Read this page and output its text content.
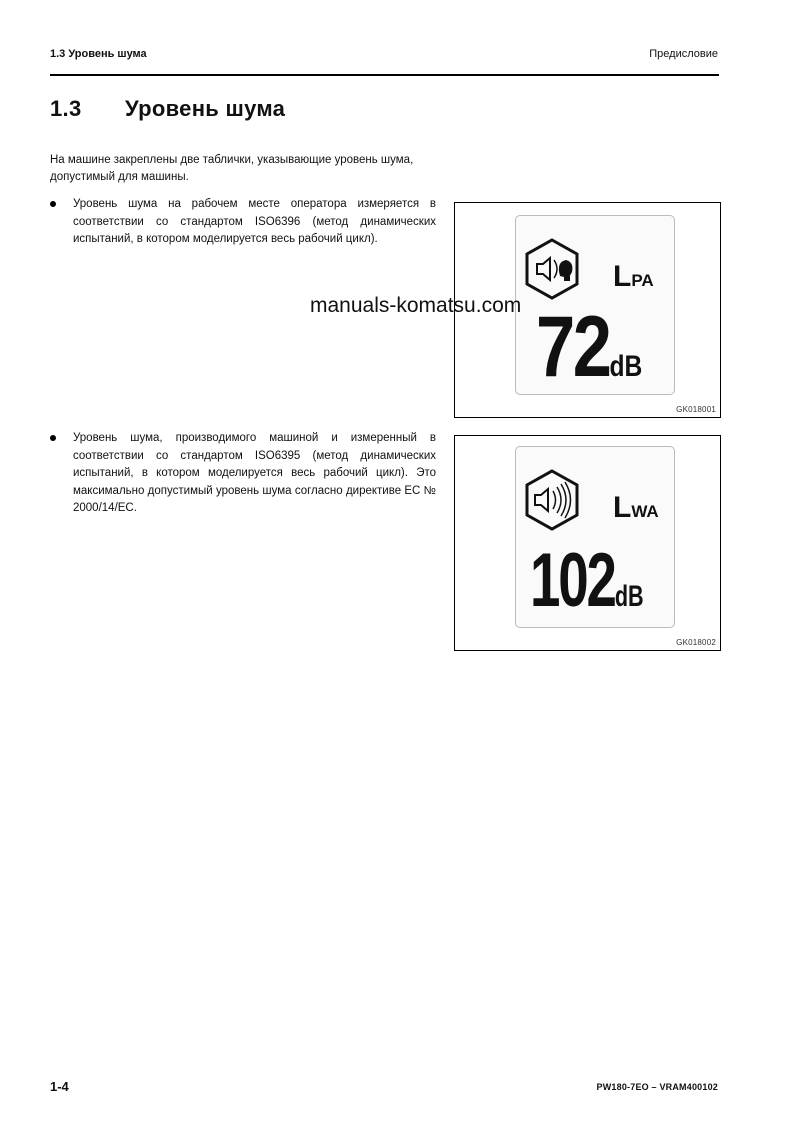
1.3 Уровень шума	Предисловие
1.3 Уровень шума
На машине закреплены две таблички, указывающие уровень шума, допустимый для машины.
Уровень шума на рабочем месте оператора измеряется в соответствии со стандартом ISO6396 (метод динамических испытаний, в котором моделируется весь рабочий цикл).
Уровень шума, производимого машиной и измеренный в соответствии со стандартом ISO6395 (метод динамических испытаний, в котором моделируется весь рабочий цикл). Это максимально допустимый уровень шума согласно директиве ЕС № 2000/14/ЕС.
LPA
72dB
GK018001
LWA
102dB
GK018002
manuals-komatsu.com
1-4	PW180-7EO – VRAM400102
